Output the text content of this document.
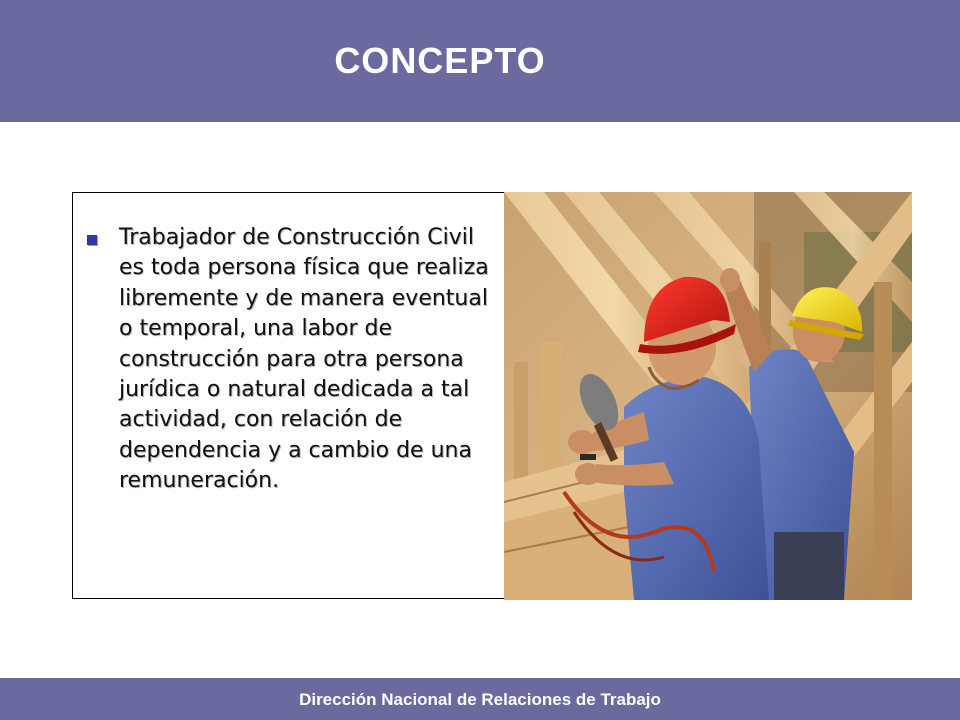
CONCEPTO

Trabajador de Construcción Civil es toda persona física que realiza libremente y de manera eventual o temporal, una labor de construcción para otra persona jurídica o natural dedicada a tal actividad, con relación de dependencia y a cambio de una remuneración.

Dirección Nacional de Relaciones de Trabajo
